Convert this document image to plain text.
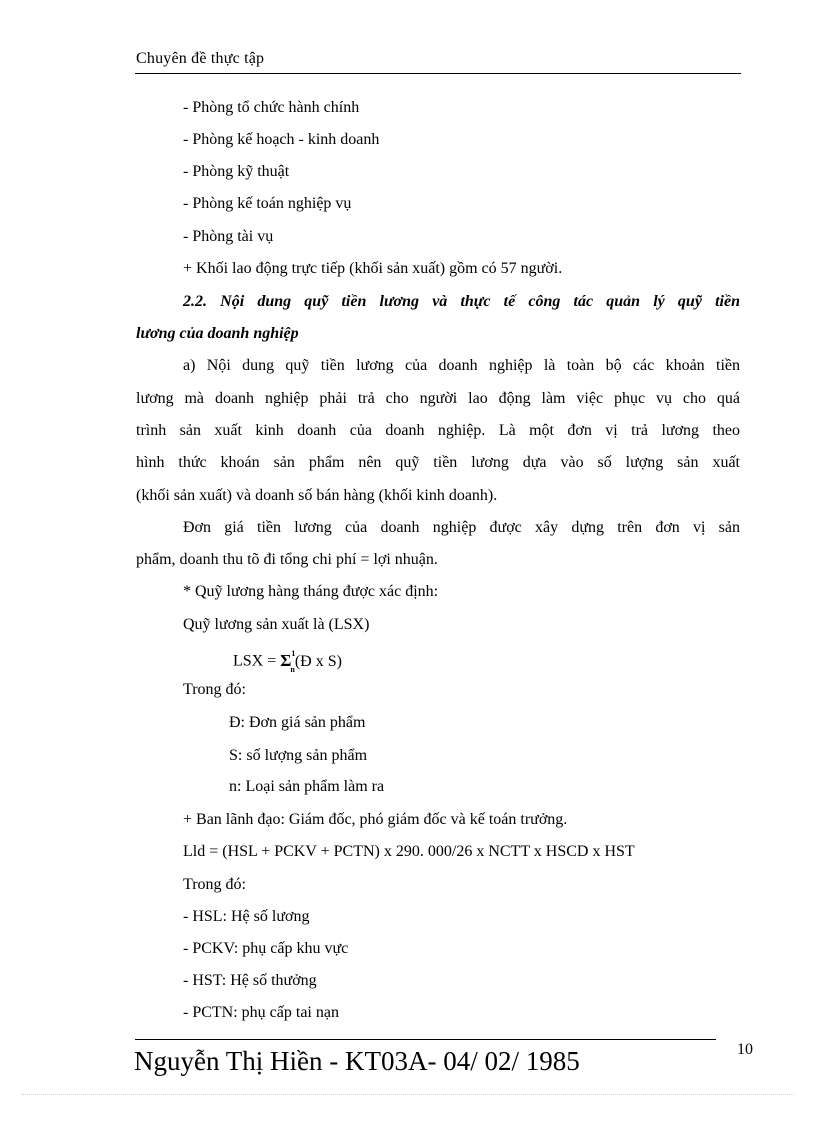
Chuyên đề thực tập
- Phòng tổ chức hành chính
- Phòng kế hoạch - kinh doanh
- Phòng kỹ thuật
- Phòng kế toán nghiệp vụ
- Phòng tài vụ
+ Khối lao động trực tiếp (khối sản xuất) gồm có 57 người.
2.2. Nội dung quỹ tiền lương và thực tế công tác quản lý quỹ tiền
lương của doanh nghiệp
a) Nội dung quỹ tiền lương của doanh nghiệp là toàn bộ các khoản tiền
lương mà doanh nghiệp phải trả cho người lao động làm việc phục vụ cho quá
trình sản xuất kinh doanh của doanh nghiệp. Là một đơn vị trả lương theo
hình thức khoán sản phẩm nên quỹ tiền lương dựa vào số lượng sản xuất
(khối sản xuất) và doanh số bán hàng (khối kinh doanh).
Đơn giá tiền lương của doanh nghiệp được xây dựng trên đơn vị sản
phẩm, doanh thu tõ đi tổng chi phí = lợi nhuận.
* Quỹ lương hàng tháng được xác định:
Quỹ lương sản xuất là (LSX)
LSX = $\Sigma^1_n(Đ$ x S)
Trong đó:
Đ: Đơn giá sản phẩm
S: số lượng sản phẩm
n: Loại sản phẩm làm ra
+ Ban lãnh đạo: Giám đốc, phó giám đốc và kế toán trưởng.
Lld = (HSL + PCKV + PCTN) x 290. 000/26 x NCTT x HSCD x HST
Trong đó:
- HSL: Hệ số lương
- PCKV: phụ cấp khu vực
- HST: Hệ số thưởng
- PCTN: phụ cấp tai nạn
Nguyễn Thị Hiền - KT03A- 04/ 02/ 1985	10
